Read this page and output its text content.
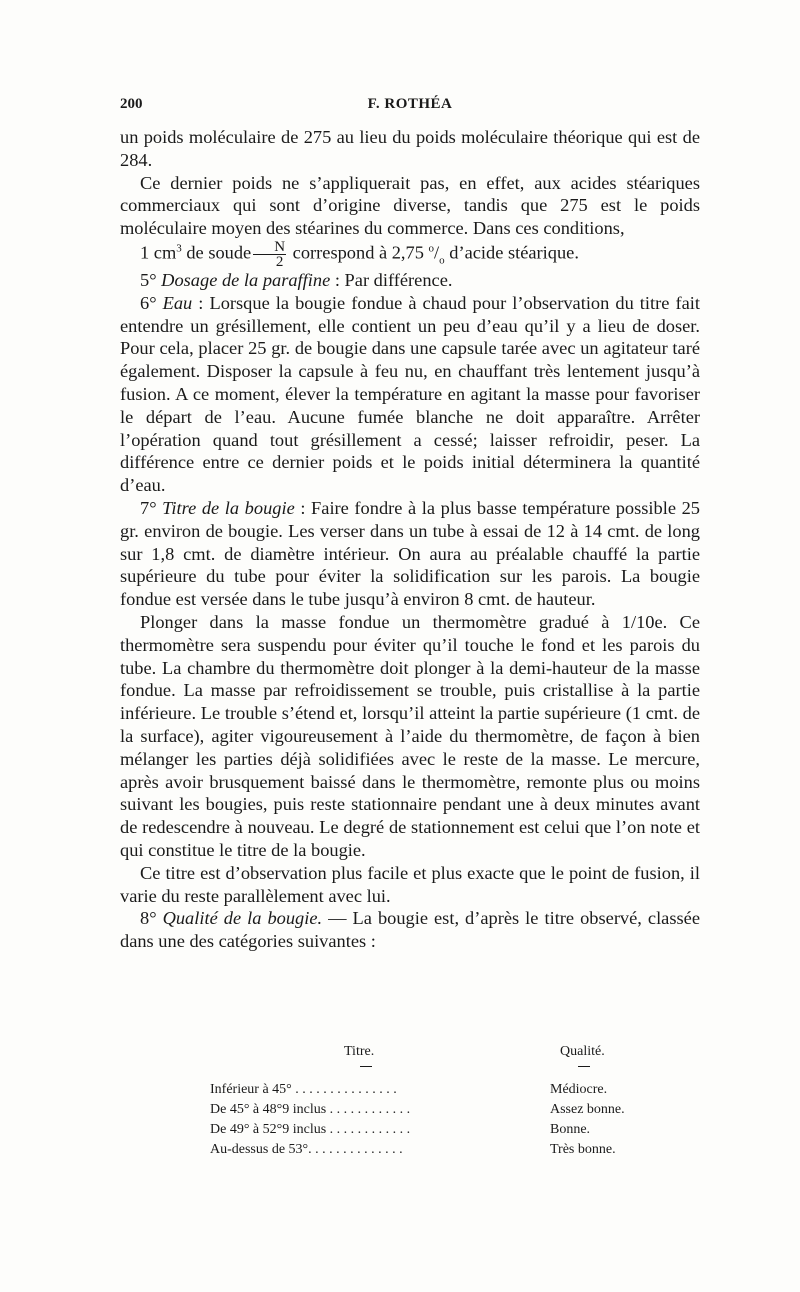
200	F. ROTHÉA

un poids moléculaire de 275 au lieu du poids moléculaire théorique qui est de 284.

Ce dernier poids ne s’appliquerait pas, en effet, aux acides stéariques commerciaux qui sont d’origine diverse, tandis que 275 est le poids moléculaire moyen des stéarines du commerce. Dans ces conditions,

1 $cm^3$ de soude $\frac{N}{2}$ correspond à 2,75 $^o/_o$ d’acide stéarique.

5° Dosage de la paraffine : Par différence.

6° Eau : Lorsque la bougie fondue à chaud pour l’observation du titre fait entendre un grésillement, elle contient un peu d’eau qu’il y a lieu de doser. Pour cela, placer 25 gr. de bougie dans une capsule tarée avec un agitateur taré également. Disposer la capsule à feu nu, en chauffant très lentement jusqu’à fusion. A ce moment, élever la température en agitant la masse pour favoriser le départ de l’eau. Aucune fumée blanche ne doit apparaître. Arrêter l’opération quand tout grésillement a cessé; laisser refroidir, peser. La différence entre ce dernier poids et le poids initial déterminera la quantité d’eau.

7° Titre de la bougie : Faire fondre à la plus basse température possible 25 gr. environ de bougie. Les verser dans un tube à essai de 12 à 14 cmt. de long sur 1,8 cmt. de diamètre intérieur. On aura au préalable chauffé la partie supérieure du tube pour éviter la solidification sur les parois. La bougie fondue est versée dans le tube jusqu’à environ 8 cmt. de hauteur.

Plonger dans la masse fondue un thermomètre gradué à 1/10e. Ce thermomètre sera suspendu pour éviter qu’il touche le fond et les parois du tube. La chambre du thermomètre doit plonger à la demi-hauteur de la masse fondue. La masse par refroidissement se trouble, puis cristallise à la partie inférieure. Le trouble s’étend et, lorsqu’il atteint la partie supérieure (1 cmt. de la surface), agiter vigoureusement à l’aide du thermomètre, de façon à bien mélanger les parties déjà solidifiées avec le reste de la masse. Le mercure, après avoir brusquement baissé dans le thermomètre, remonte plus ou moins suivant les bougies, puis reste stationnaire pendant une à deux minutes avant de redescendre à nouveau. Le degré de stationnement est celui que l’on note et qui constitue le titre de la bougie.

Ce titre est d’observation plus facile et plus exacte que le point de fusion, il varie du reste parallèlement avec lui.

8° Qualité de la bougie. — La bougie est, d’après le titre observé, classée dans une des catégories suivantes :

Titre.	Qualité.
Inférieur à 45° . . . . . . . . . . . . . . .	Médiocre.
De 45° à 48°9 inclus . . . . . . . . . . . .	Assez bonne.
De 49° à 52°9 inclus . . . . . . . . . . . .	Bonne.
Au-dessus de 53°. . . . . . . . . . . . . .	Très bonne.
